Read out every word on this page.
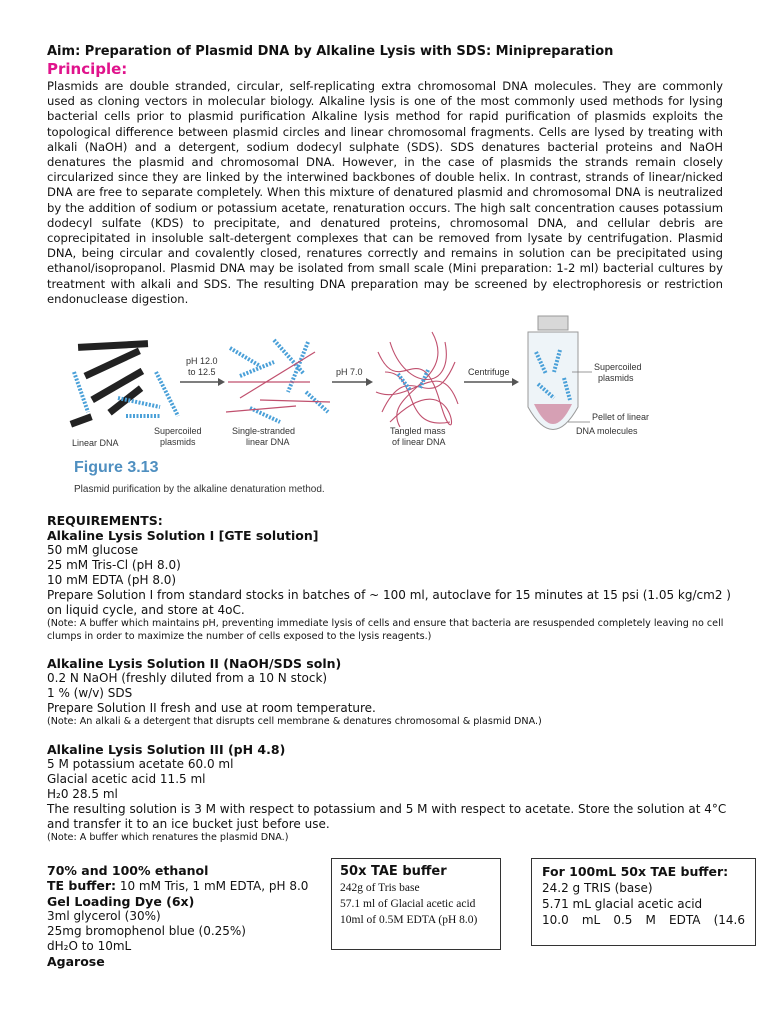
Aim: Preparation of Plasmid DNA by Alkaline Lysis with SDS: Minipreparation
Principle:
Plasmids are double stranded, circular, self-replicating extra chromosomal DNA molecules. They are commonly used as cloning vectors in molecular biology. Alkaline lysis is one of the most commonly used methods for lysing bacterial cells prior to plasmid purification Alkaline lysis method for rapid purification of plasmids exploits the topological difference between plasmid circles and linear chromosomal fragments. Cells are lysed by treating with alkali (NaOH) and a detergent, sodium dodecyl sulphate (SDS). SDS denatures bacterial proteins and NaOH denatures the plasmid and chromosomal DNA. However, in the case of plasmids the strands remain closely circularized since they are linked by the interwined backbones of double helix. In contrast, strands of linear/nicked DNA are free to separate completely. When this mixture of denatured plasmid and chromosomal DNA is neutralized by the addition of sodium or potassium acetate, renaturation occurs. The high salt concentration causes potassium dodecyl sulfate (KDS) to precipitate, and denatured proteins, chromosomal DNA, and cellular debris are coprecipitated in insoluble salt-detergent complexes that can be removed from lysate by centrifugation. Plasmid DNA, being circular and covalently closed, renatures correctly and remains in solution can be precipitated using ethanol/isopropanol. Plasmid DNA may be isolated from small scale (Mini preparation: 1-2 ml) bacterial cultures by treatment with alkali and SDS. The resulting DNA preparation may be screened by electrophoresis or restriction endonuclease digestion.
Linear DNA
Supercoiled
plasmids
pH 12.0
to 12.5
Single-stranded
linear DNA
pH 7.0
Tangled mass
of linear DNA
Centrifuge	Supercoiled
plasmids
Pellet of linear
DNA molecules
Figure 3.13
Plasmid purification by the alkaline denaturation method.
REQUIREMENTS:
Alkaline Lysis Solution I [GTE solution]
50 mM glucose
25 mM Tris-Cl (pH 8.0)
10 mM EDTA (pH 8.0)
Prepare Solution I from standard stocks in batches of ~ 100 ml, autoclave for 15 minutes at 15 psi (1.05 kg/cm2 ) on liquid cycle, and store at 4oC.
(Note: A buffer which maintains pH, preventing immediate lysis of cells and ensure that bacteria are resuspended completely leaving no cell clumps in order to maximize the number of cells exposed to the lysis reagents.)
Alkaline Lysis Solution II (NaOH/SDS soln)
0.2 N NaOH (freshly diluted from a 10 N stock)
1 % (w/v) SDS
Prepare Solution II fresh and use at room temperature.
(Note: An alkali & a detergent that disrupts cell membrane & denatures chromosomal & plasmid DNA.)
Alkaline Lysis Solution III (pH 4.8)
5 M potassium acetate 60.0 ml
Glacial acetic acid 11.5 ml
H₂0 28.5 ml
The resulting solution is 3 M with respect to potassium and 5 M with respect to acetate. Store the solution at 4°C and transfer it to an ice bucket just before use.
(Note: A buffer which renatures the plasmid DNA.)
70% and 100% ethanol
TE buffer: 10 mM Tris, 1 mM EDTA, pH 8.0
Gel Loading Dye (6x)
3ml glycerol (30%)
25mg bromophenol blue (0.25%)
dH₂O to 10mL
Agarose
50x TAE buffer
242g of Tris base
57.1 ml of Glacial acetic acid
10ml of 0.5M EDTA (pH 8.0)
For 100mL 50x TAE buffer:
24.2 g TRIS (base)
5.71 mL glacial acetic acid
10.0 mL 0.5 M EDTA (14.6
